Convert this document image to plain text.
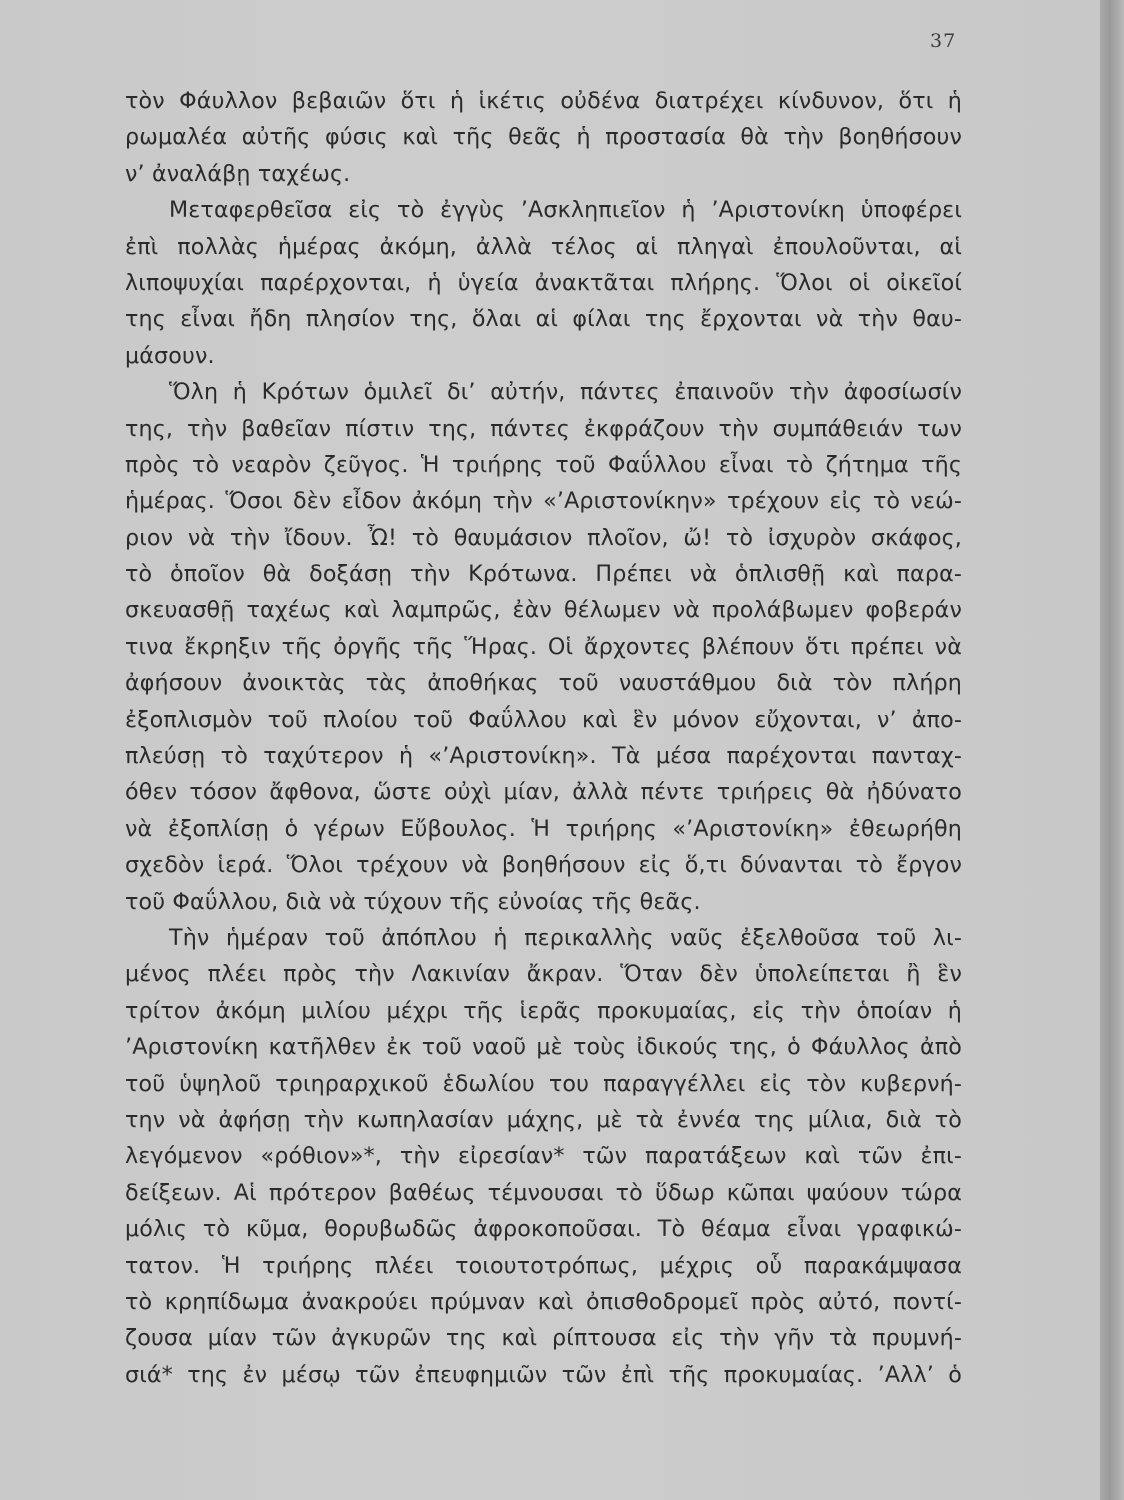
37
τὸν Φάυλλον βεβαιῶν ὅτι ἡ ἱκέτις οὐδένα διατρέχει κίνδυνον, ὅτι ἡ
ρωμαλέα αὐτῆς φύσις καὶ τῆς θεᾶς ἡ προστασία θὰ τὴν βοηθήσουν
ν’ ἀναλάβῃ ταχέως.
Μεταφερθεῖσα εἰς τὸ ἐγγὺς ’Ασκληπιεῖον ἡ ’Αριστονίκη ὑποφέρει
ἐπὶ πολλὰς ἡμέρας ἀκόμη, ἀλλὰ τέλος αἱ πληγαὶ ἐπουλοῦνται, αἱ
λιποψυχίαι παρέρχονται, ἡ ὑγεία ἀνακτᾶται πλήρης. Ὅλοι οἱ οἰκεῖοί
της εἶναι ἤδη πλησίον της, ὅλαι αἱ φίλαι της ἔρχονται νὰ τὴν θαυ-
μάσουν.
Ὅλη ἡ Κρότων ὁμιλεῖ δι’ αὐτήν, πάντες ἐπαινοῦν τὴν ἀφοσίωσίν
της, τὴν βαθεῖαν πίστιν της, πάντες ἐκφράζουν τὴν συμπάθειάν των
πρὸς τὸ νεαρὸν ζεῦγος. Ἡ τριήρης τοῦ Φαΰλλου εἶναι τὸ ζήτημα τῆς
ἡμέρας. Ὅσοι δὲν εἶδον ἀκόμη τὴν «’Αριστονίκην» τρέχουν εἰς τὸ νεώ-
ριον νὰ τὴν ἴδουν. Ὦ! τὸ θαυμάσιον πλοῖον, ὤ! τὸ ἰσχυρὸν σκάφος,
τὸ ὁποῖον θὰ δοξάσῃ τὴν Κρότωνα. Πρέπει νὰ ὁπλισθῇ καὶ παρα-
σκευασθῇ ταχέως καὶ λαμπρῶς, ἐὰν θέλωμεν νὰ προλάβωμεν φοβεράν
τινα ἔκρηξιν τῆς ὀργῆς τῆς Ἥρας. Οἱ ἄρχοντες βλέπουν ὅτι πρέπει νὰ
ἀφήσουν ἀνοικτὰς τὰς ἀποθήκας τοῦ ναυστάθμου διὰ τὸν πλήρη
ἐξοπλισμὸν τοῦ πλοίου τοῦ Φαΰλλου καὶ ἓν μόνον εὔχονται, ν’ ἀπο-
πλεύσῃ τὸ ταχύτερον ἡ «’Αριστονίκη». Τὰ μέσα παρέχονται πανταχ-
όθεν τόσον ἄφθονα, ὥστε οὐχὶ μίαν, ἀλλὰ πέντε τριήρεις θὰ ἠδύνατο
νὰ ἐξοπλίσῃ ὁ γέρων Εὔβουλος. Ἡ τριήρης «’Αριστονίκη» ἐθεωρήθη
σχεδὸν ἱερά. Ὅλοι τρέχουν νὰ βοηθήσουν εἰς ὅ,τι δύνανται τὸ ἔργον
τοῦ Φαΰλλου, διὰ νὰ τύχουν τῆς εὐνοίας τῆς θεᾶς.
Τὴν ἡμέραν τοῦ ἀπόπλου ἡ περικαλλὴς ναῦς ἐξελθοῦσα τοῦ λι-
μένος πλέει πρὸς τὴν Λακινίαν ἄκραν. Ὅταν δὲν ὑπολείπεται ἢ ἓν
τρίτον ἀκόμη μιλίου μέχρι τῆς ἱερᾶς προκυμαίας, εἰς τὴν ὁποίαν ἡ
’Αριστονίκη κατῆλθεν ἐκ τοῦ ναοῦ μὲ τοὺς ἰδικούς της, ὁ Φάυλλος ἀπὸ
τοῦ ὑψηλοῦ τριηραρχικοῦ ἑδωλίου του παραγγέλλει εἰς τὸν κυβερνή-
την νὰ ἀφήσῃ τὴν κωπηλασίαν μάχης, μὲ τὰ ἐννέα της μίλια, διὰ τὸ
λεγόμενον «ρόθιον»*, τὴν εἰρεσίαν* τῶν παρατάξεων καὶ τῶν ἐπι-
δείξεων. Αἱ πρότερον βαθέως τέμνουσαι τὸ ὕδωρ κῶπαι ψαύουν τώρα
μόλις τὸ κῦμα, θορυβωδῶς ἀφροκοποῦσαι. Τὸ θέαμα εἶναι γραφικώ-
τατον. Ἡ τριήρης πλέει τοιουτοτρόπως, μέχρις οὗ παρακάμψασα
τὸ κρηπίδωμα ἀνακρούει πρύμναν καὶ ὀπισθοδρομεῖ πρὸς αὐτό, ποντί-
ζουσα μίαν τῶν ἀγκυρῶν της καὶ ρίπτουσα εἰς τὴν γῆν τὰ πρυμνή-
σιά* της ἐν μέσῳ τῶν ἐπευφημιῶν τῶν ἐπὶ τῆς προκυμαίας. ’Αλλ’ ὁ
